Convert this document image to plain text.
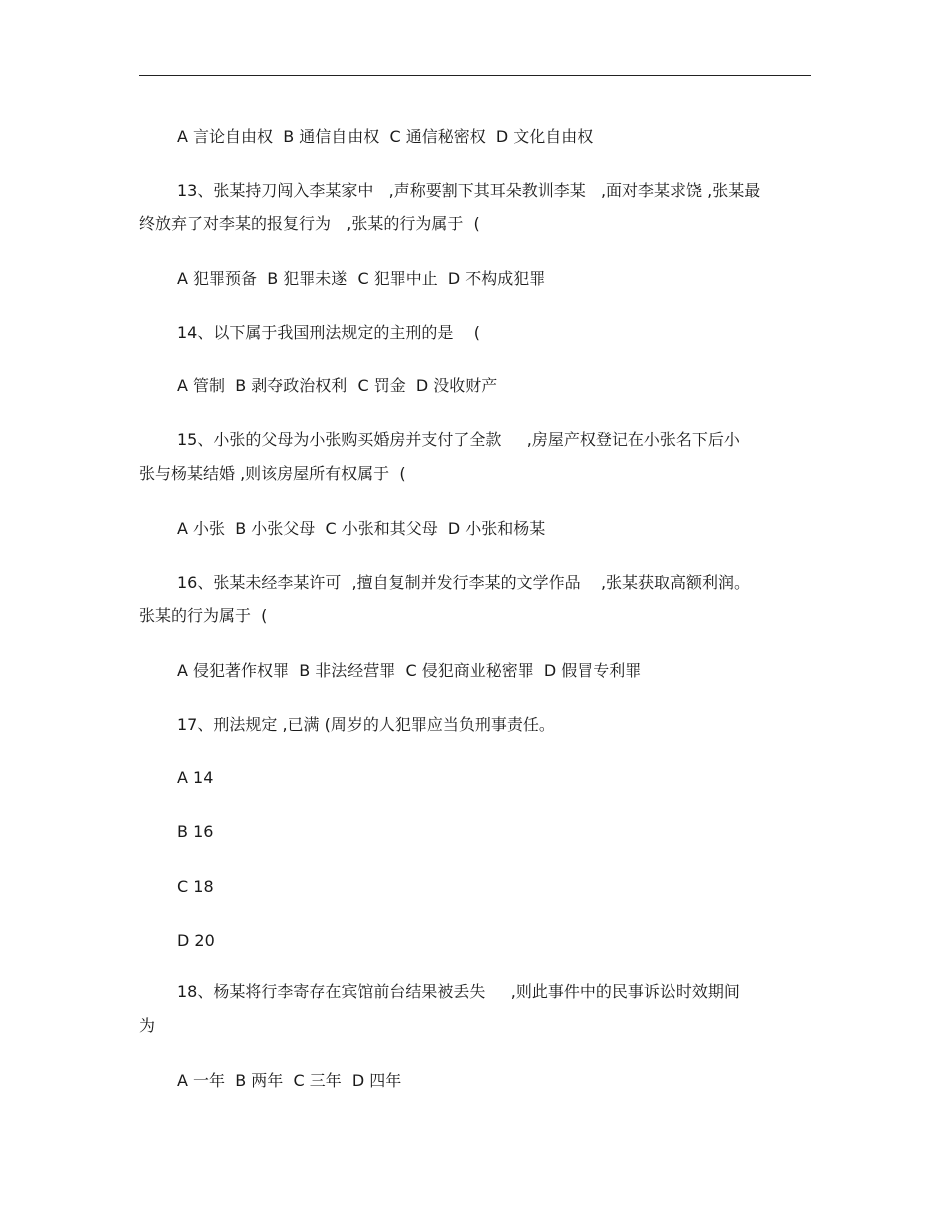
A 言论自由权  B 通信自由权  C 通信秘密权  D 文化自由权
13、张某持刀闯入李某家中   ,声称要割下其耳朵教训李某   ,面对李某求饶 ,张某最
终放弃了对李某的报复行为   ,张某的行为属于  (
A 犯罪预备  B 犯罪未遂  C 犯罪中止  D 不构成犯罪
14、以下属于我国刑法规定的主刑的是    (
A 管制  B 剥夺政治权利  C 罚金  D 没收财产
15、小张的父母为小张购买婚房并支付了全款     ,房屋产权登记在小张名下后小
张与杨某结婚 ,则该房屋所有权属于  (
A 小张  B 小张父母  C 小张和其父母  D 小张和杨某
16、张某未经李某许可  ,擅自复制并发行李某的文学作品    ,张某获取高额利润。
张某的行为属于  (
A 侵犯著作权罪  B 非法经营罪  C 侵犯商业秘密罪  D 假冒专利罪
17、刑法规定 ,已满 (周岁的人犯罪应当负刑事责任。
A 14
B 16
C 18
D 20
18、杨某将行李寄存在宾馆前台结果被丢失     ,则此事件中的民事诉讼时效期间
为
A 一年  B 两年  C 三年  D 四年
